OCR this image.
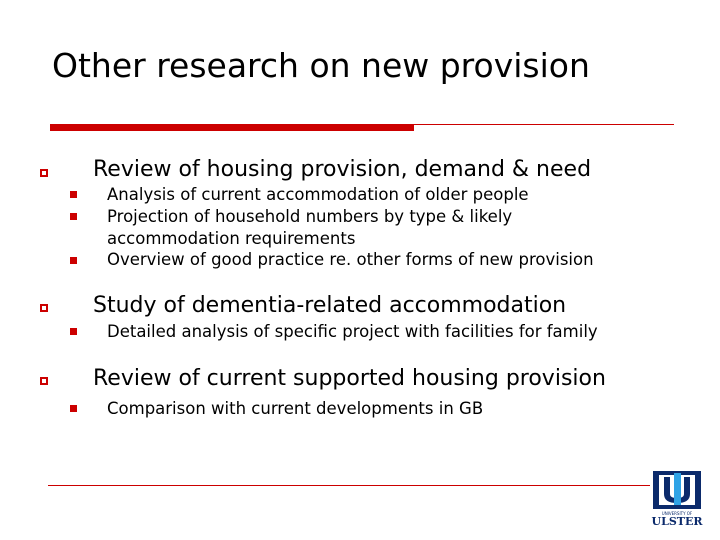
Other research on new provision
Review of housing provision, demand & need
Analysis of current accommodation of older people
Projection of household numbers by type & likely
accommodation requirements
Overview of good practice re. other forms of new provision
Study of dementia-related accommodation
Detailed analysis of specific project with facilities for family
Review of current supported housing provision
Comparison with current developments in GB
UNIVERSITY OF
ULSTER
